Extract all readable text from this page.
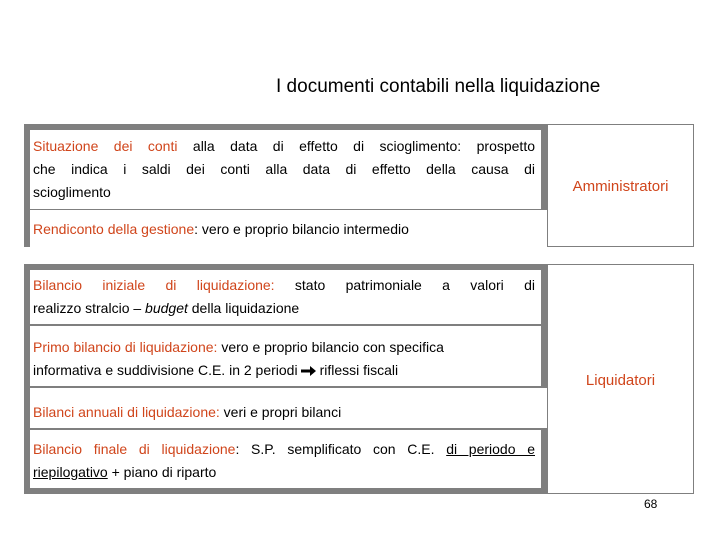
I documenti contabili nella liquidazione
Situazione dei conti alla data di effetto di scioglimento: prospetto
che indica i saldi dei conti alla data di effetto della causa di
scioglimento
Rendiconto della gestione: vero e proprio bilancio intermedio
Amministratori
Bilancio iniziale di liquidazione: stato patrimoniale a valori di
realizzo stralcio – budget della liquidazione
Primo bilancio di liquidazione: vero e proprio bilancio con specifica
informativa e suddivisione C.E. in 2 periodi riflessi fiscali
Bilanci annuali di liquidazione: veri e propri bilanci
Bilancio finale di liquidazione: S.P. semplificato con C.E. di periodo e
riepilogativo + piano di riparto
Liquidatori
68
